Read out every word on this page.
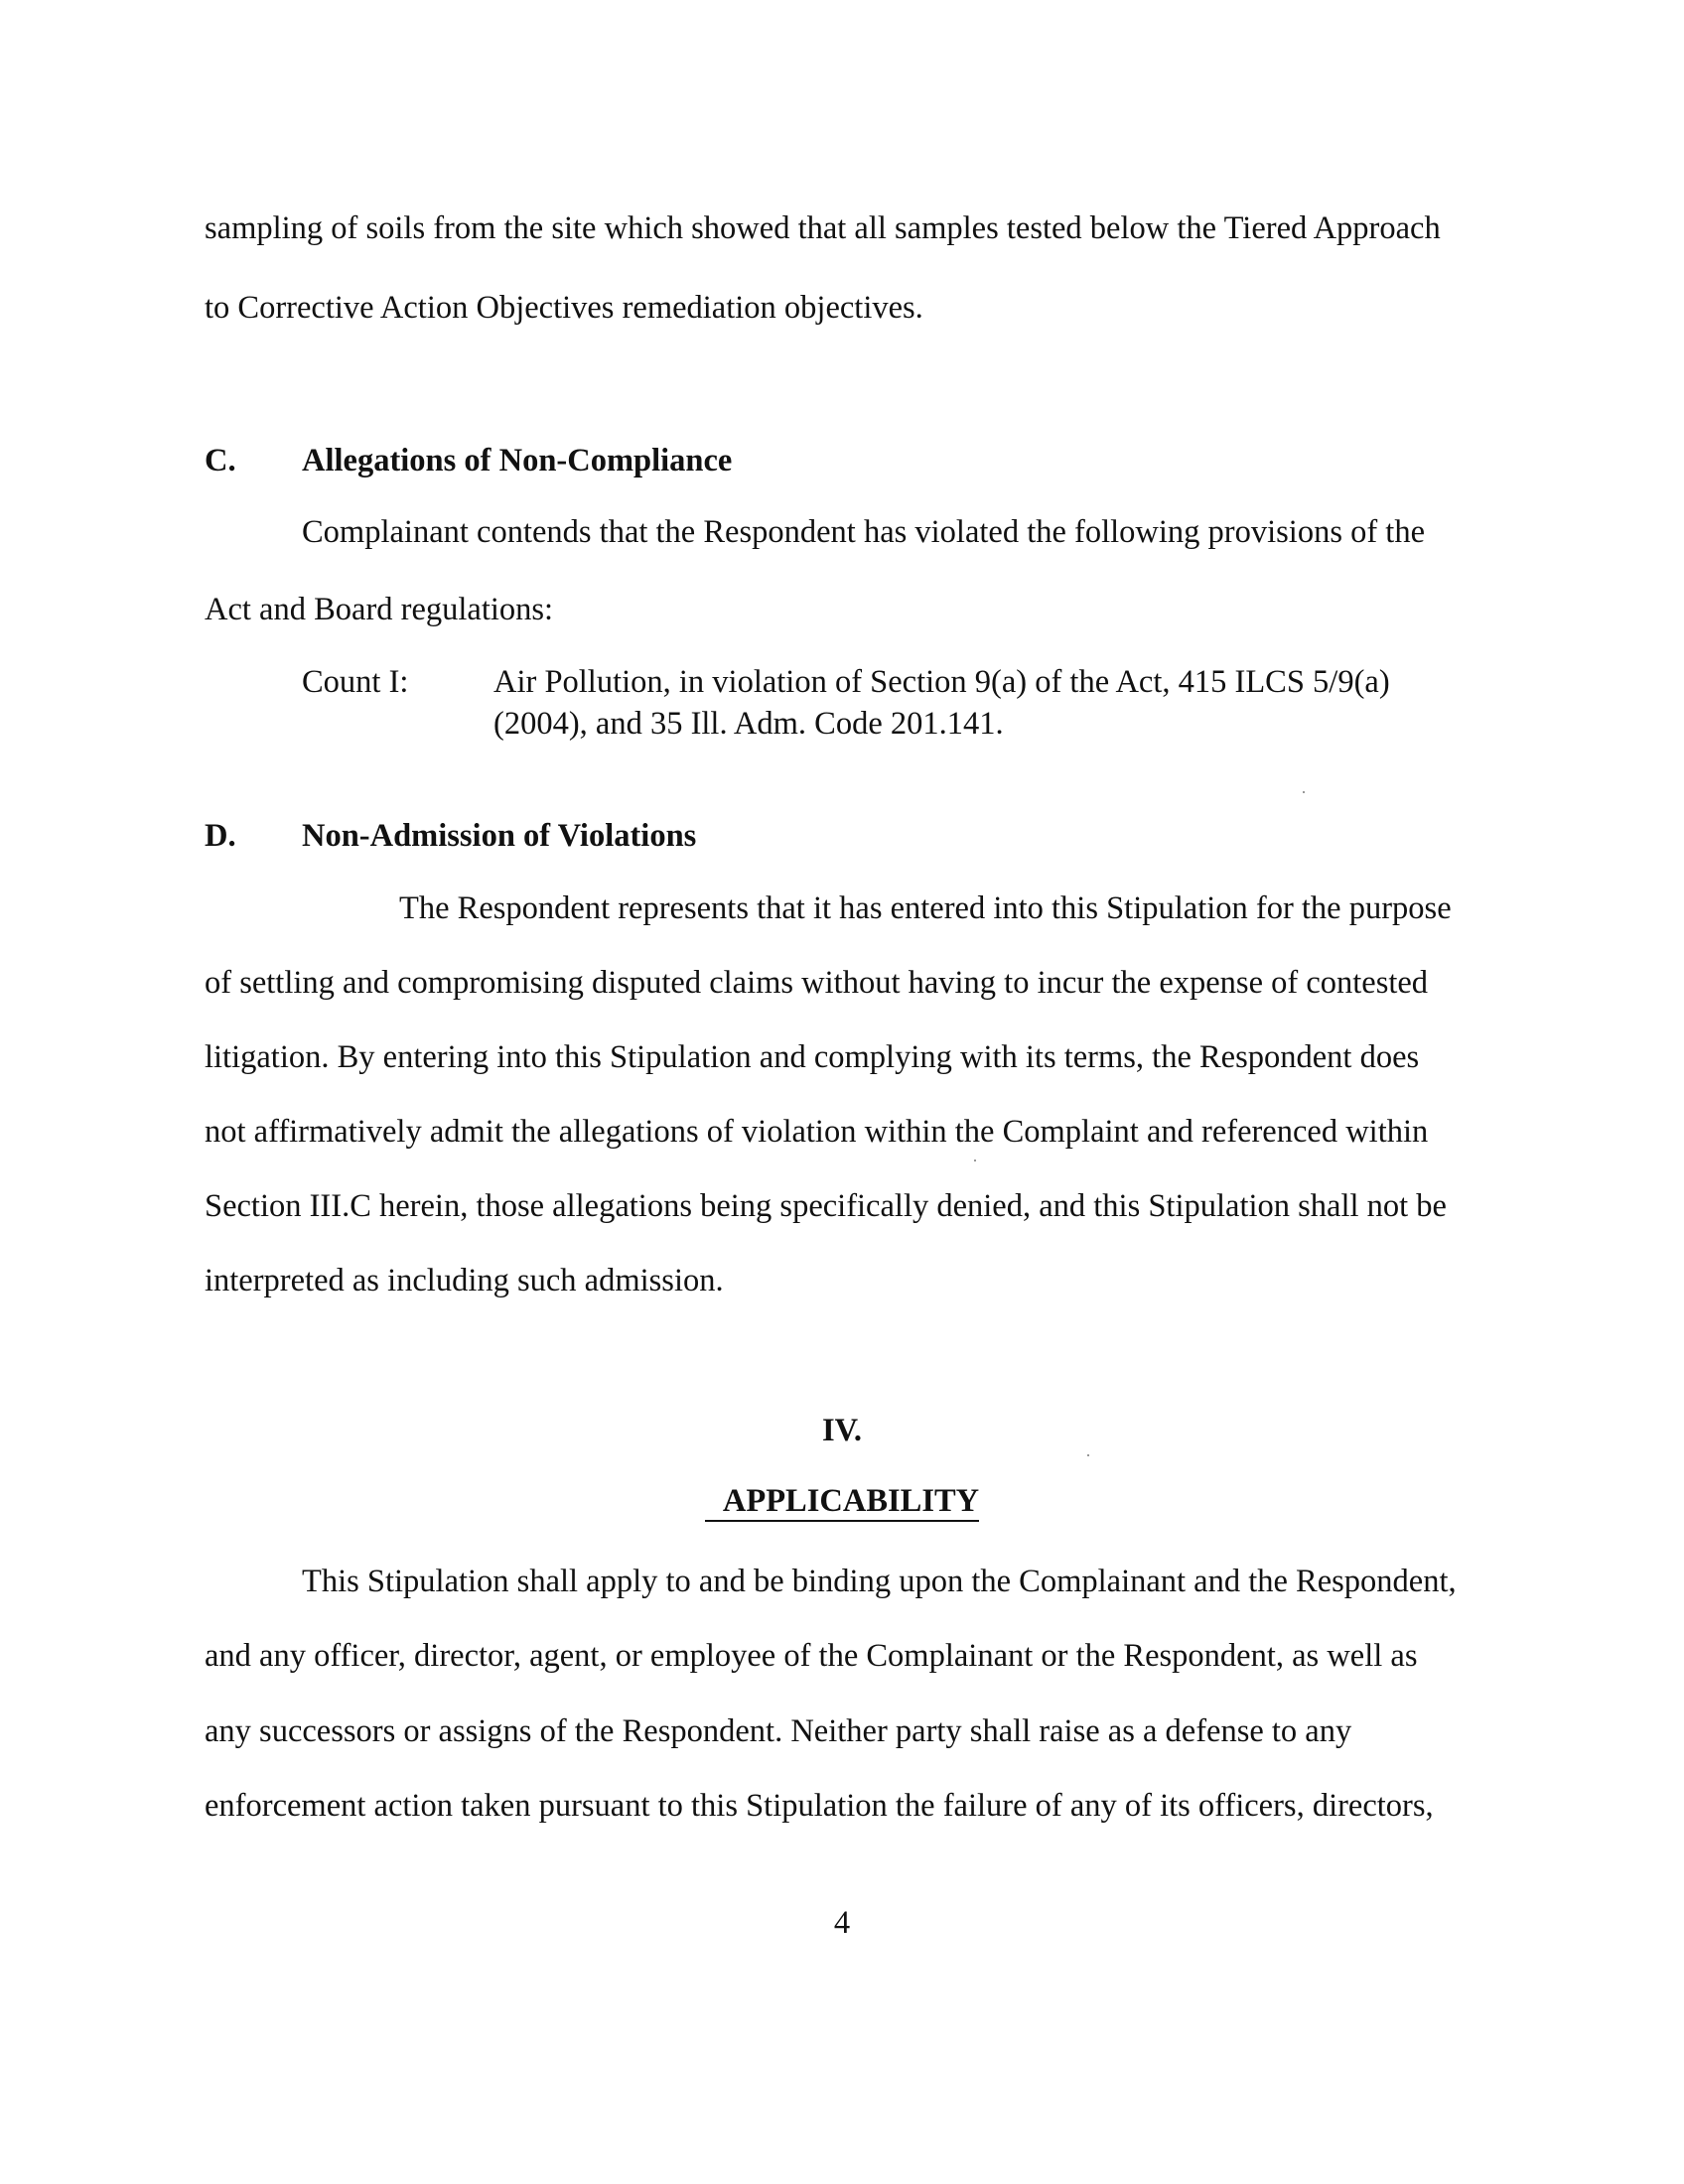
sampling of soils from the site which showed that all samples tested below the Tiered Approach

to Corrective Action Objectives remediation objectives.

C. Allegations of Non-Compliance

Complainant contends that the Respondent has violated the following provisions of the

Act and Board regulations:

Count I:	Air Pollution, in violation of Section 9(a) of the Act, 415 ILCS 5/9(a)

(2004), and 35 Ill. Adm. Code 201.141.

D. Non-Admission of Violations

The Respondent represents that it has entered into this Stipulation for the purpose

of settling and compromising disputed claims without having to incur the expense of contested

litigation. By entering into this Stipulation and complying with its terms, the Respondent does

not affirmatively admit the allegations of violation within the Complaint and referenced within

Section III.C herein, those allegations being specifically denied, and this Stipulation shall not be

interpreted as including such admission.

IV.

APPLICABILITY

This Stipulation shall apply to and be binding upon the Complainant and the Respondent,

and any officer, director, agent, or employee of the Complainant or the Respondent, as well as

any successors or assigns of the Respondent. Neither party shall raise as a defense to any

enforcement action taken pursuant to this Stipulation the failure of any of its officers, directors,

4
